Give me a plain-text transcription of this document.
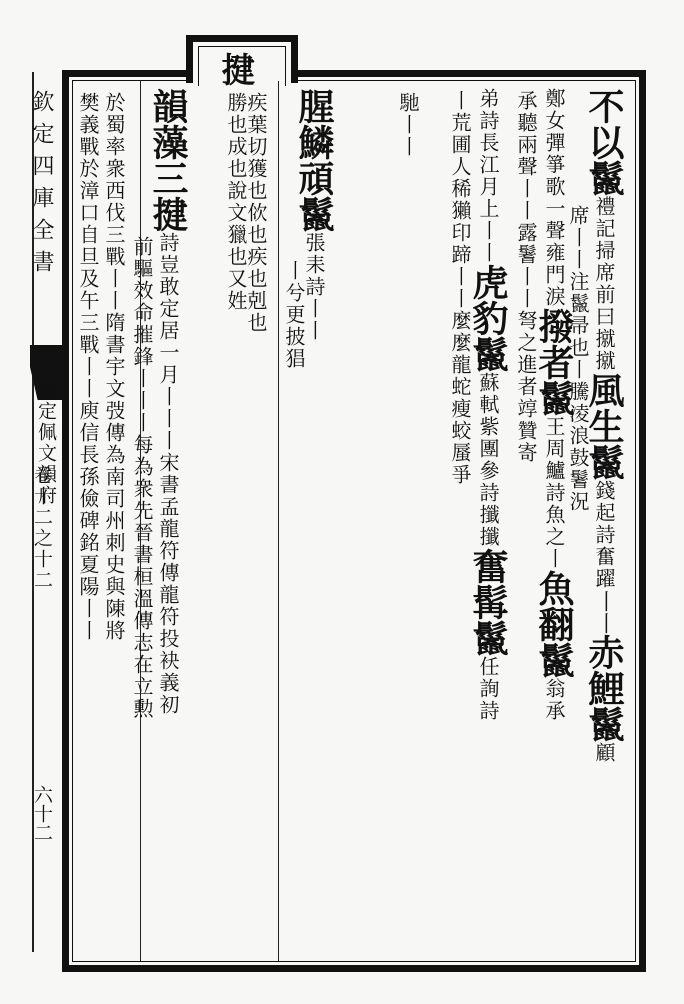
揵
欽定四庫全書
御定佩文韻府
卷十二之十二
六十二
不以鬣禮記掃席前曰㩆㩆風生鬣錢起詩奮躍丨丨赤鯉鬣顧
席丨丨注鬣帚也丨騰凌浪鼓鬐況
鄭女彈箏歌一聲雍門淚撥者鬣王周鱸詩魚之丨魚翻鬣翁承
承聽兩聲丨丨露鬐丨丨弩之進者䇏贊寄
弟詩長江月上丨丨虎豹鬣蘇軾紫團參詩攕攕奮髯鬣任詢詩
丨荒圃人稀獺印蹄丨丨麼麼龍蛇瘦蛟蜃爭
馳丨丨
腥鱗頑鬣張耒詩丨丨
丨兮更披猖
疾葉切獲也佽也疾也剋也
勝也成也說文獵也又姓
韻藻三揵詩豈敢定居一月丨丨丨宋書孟龍符傳龍符投袂義初
前驅效命摧鋒丨丨丨每為衆先晉書桓溫傳志在立勲
於蜀率衆西伐三戰丨丨隋書宇文弢傳為南司州刺史與陳將
樊義戰於漳口自旦及午三戰丨丨庾信長孫儉碑銘夏陽丨丨
